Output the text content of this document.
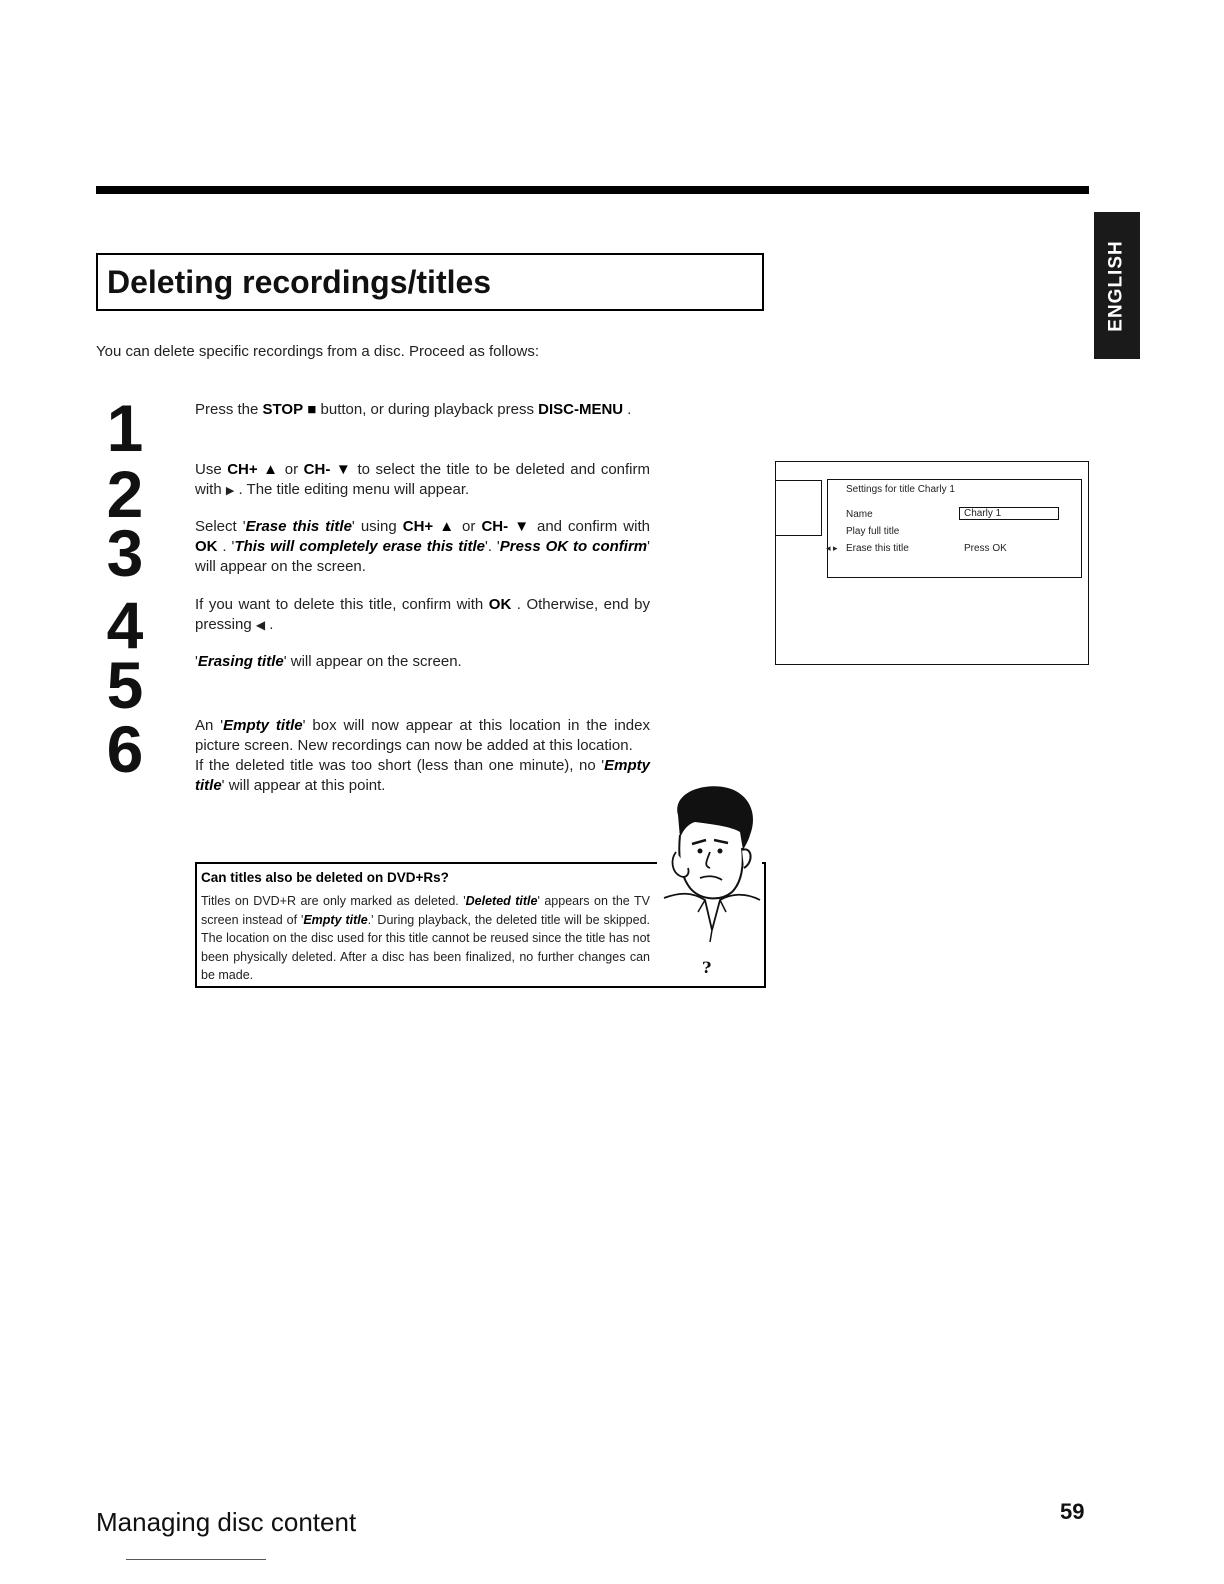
ENGLISH
Deleting recordings/titles
You can delete specific recordings from a disc. Proceed as follows:
1
2
3
4
5
6
Press the STOP ■ button, or during playback press DISC-MENU .
Use CH+ ▲ or CH- ▼ to select the title to be deleted and confirm with ▶ . The title editing menu will appear.
Select 'Erase this title' using CH+ ▲ or CH- ▼ and confirm with OK . 'This will completely erase this title'. 'Press OK to confirm' will appear on the screen.
If you want to delete this title, confirm with OK . Otherwise, end by pressing ◀ .
'Erasing title' will appear on the screen.
An 'Empty title' box will now appear at this location in the index picture screen. New recordings can now be added at this location.
If the deleted title was too short (less than one minute), no 'Empty title' will appear at this point.
Settings for title Charly 1
Name	Charly 1
Play full title
◂ ▸ Erase this title	Press OK
Can titles also be deleted on DVD+Rs?
Titles on DVD+R are only marked as deleted. 'Deleted title' appears on the TV screen instead of 'Empty title.' During playback, the deleted title will be skipped. The location on the disc used for this title cannot be reused since the title has not been physically deleted. After a disc has been finalized, no further changes can be made.	?
Managing disc content	59
